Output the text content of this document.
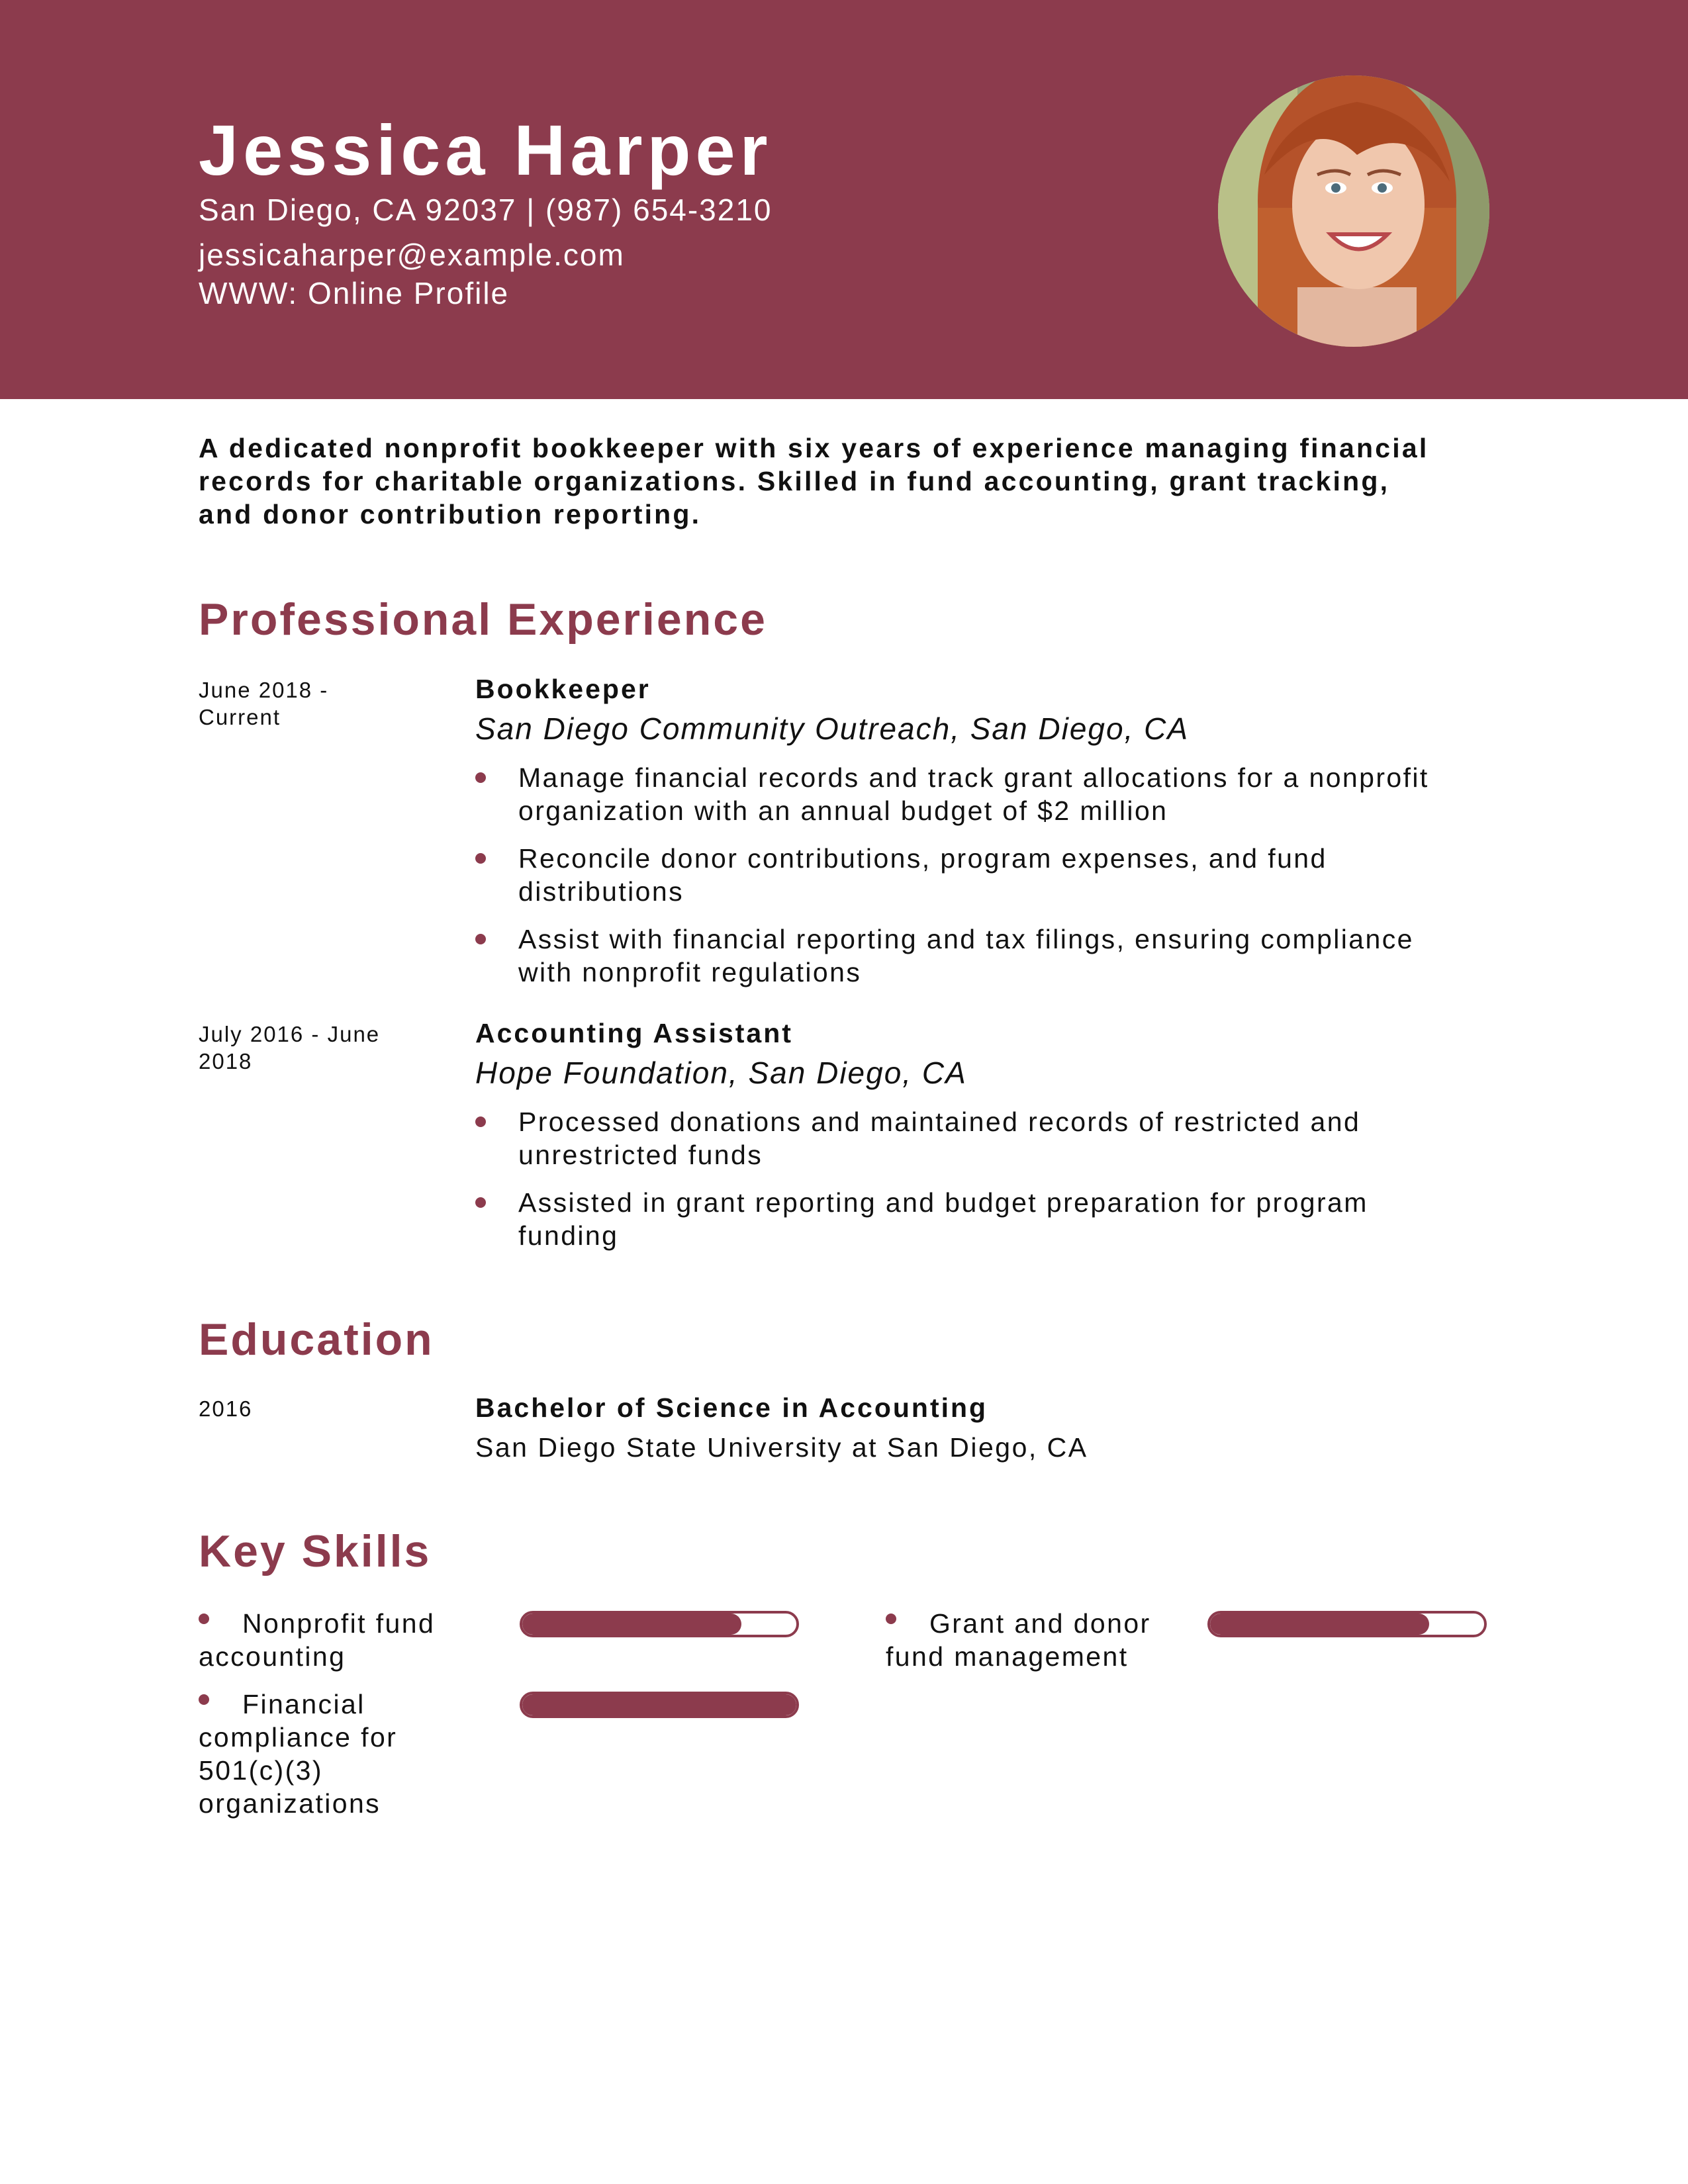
Jessica Harper
San Diego, CA 92037 | (987) 654-3210
jessicaharper@example.com
WWW: Online Profile
A dedicated nonprofit bookkeeper with six years of experience managing financial
records for charitable organizations. Skilled in fund accounting, grant tracking,
and donor contribution reporting.
Professional Experience
June 2018 - Current
Bookkeeper
San Diego Community Outreach, San Diego, CA
Manage financial records and track grant allocations for a nonprofit
organization with an annual budget of $2 million
Reconcile donor contributions, program expenses, and fund
distributions
Assist with financial reporting and tax filings, ensuring compliance
with nonprofit regulations
July 2016 - June 2018
Accounting Assistant
Hope Foundation, San Diego, CA
Processed donations and maintained records of restricted and
unrestricted funds
Assisted in grant reporting and budget preparation for program
funding
Education
2016	Bachelor of Science in Accounting
San Diego State University at San Diego, CA
Key Skills
Nonprofit fund
accounting
Grant and donor
fund management
Financial
compliance for
501(c)(3)
organizations
